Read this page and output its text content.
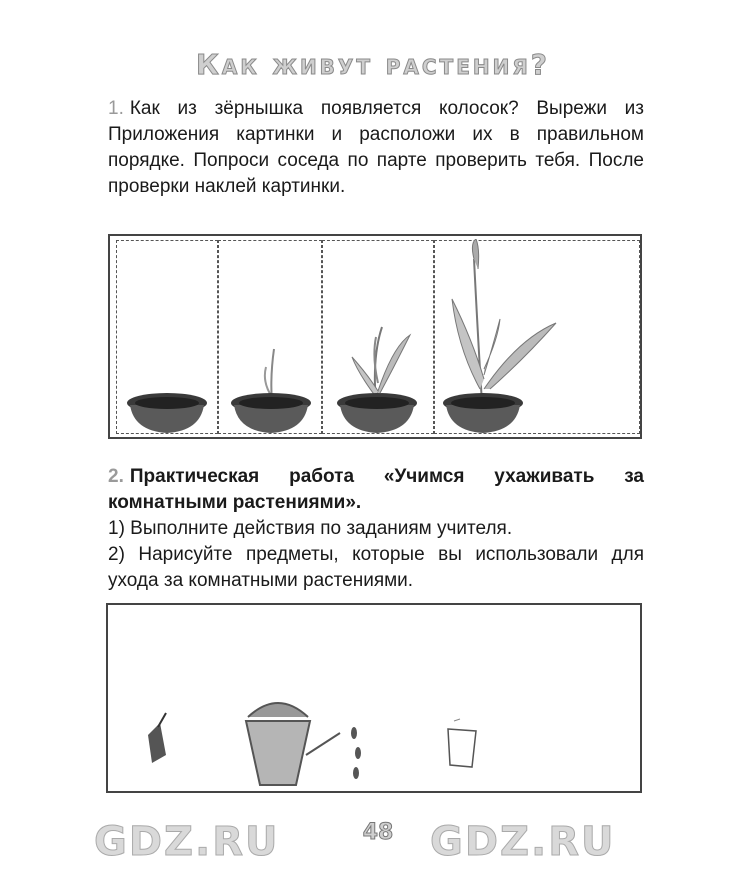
Как живут растения?
1. Как из зёрнышка появляется колосок? Вырежи из Приложения картинки и расположи их в правильном порядке. Попроси соседа по парте проверить тебя. После проверки наклей картинки.
2. Практическая работа «Учимся ухаживать за комнатными растениями».
1) Выполните действия по заданиям учителя.
2) Нарисуйте предметы, которые вы использовали для ухода за комнатными растениями.
GDZ.RU	48 GDZ.RU
